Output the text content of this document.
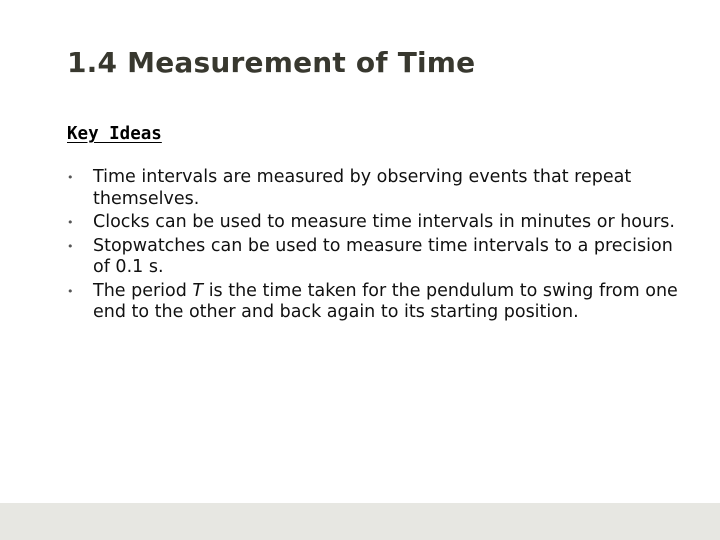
1.4 Measurement of Time
Key Ideas
• Time intervals are measured by observing events that repeat themselves.
• Clocks can be used to measure time intervals in minutes or hours.
• Stopwatches can be used to measure time intervals to a precision of 0.1 s.
• The period T is the time taken for the pendulum to swing from one end to the other and back again to its starting position.
